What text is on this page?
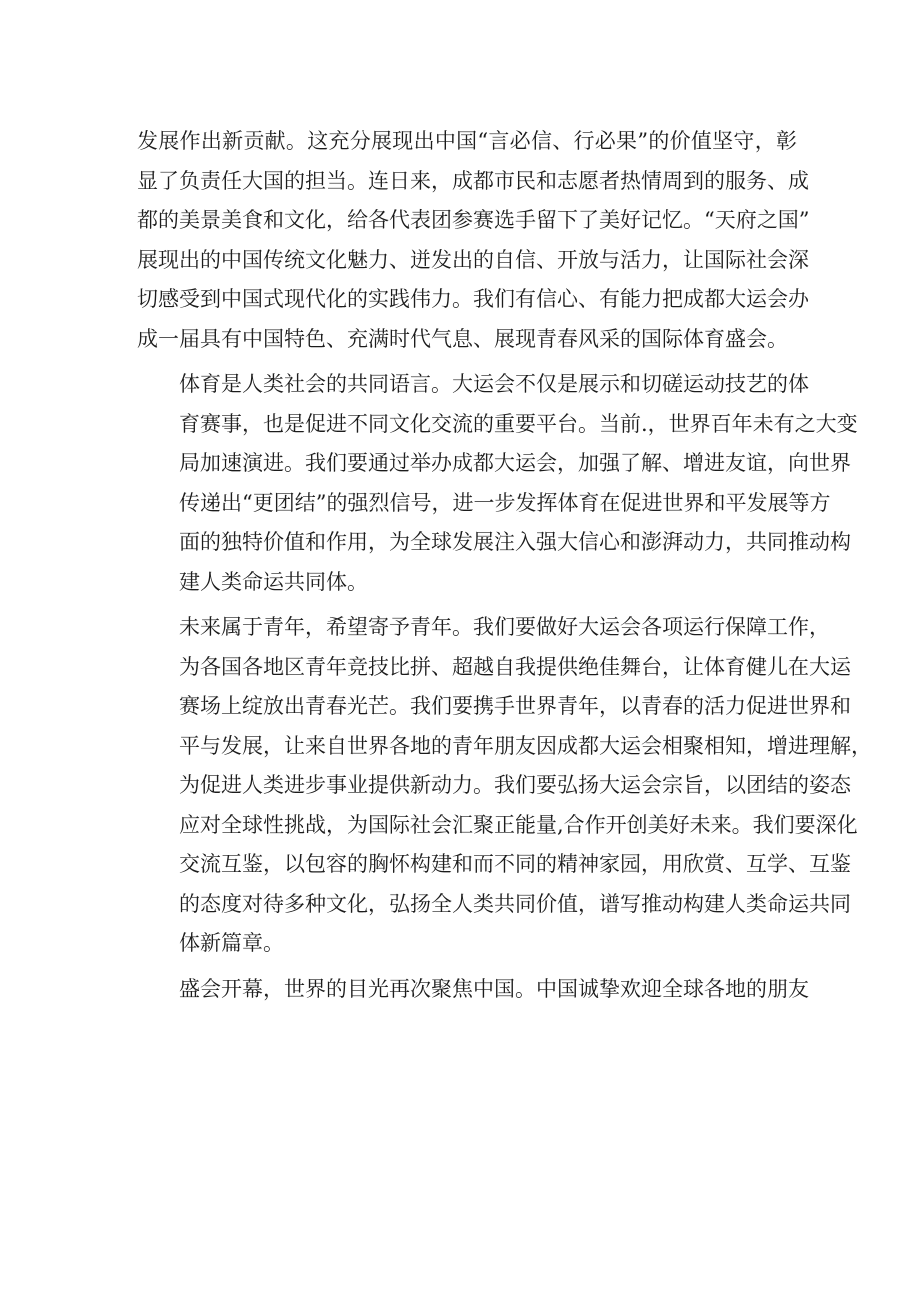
发展作出新贡献。这充分展现出中国“言必信、行必果”的价值坚守，彰
显了负责任大国的担当。连日来，成都市民和志愿者热情周到的服务、成
都的美景美食和文化，给各代表团参赛选手留下了美好记忆。“天府之国”
展现出的中国传统文化魅力、迸发出的自信、开放与活力，让国际社会深
切感受到中国式现代化的实践伟力。我们有信心、有能力把成都大运会办
成一届具有中国特色、充满时代气息、展现青春风采的国际体育盛会。

体育是人类社会的共同语言。大运会不仅是展示和切磋运动技艺的体
育赛事，也是促进不同文化交流的重要平台。当前.，世界百年未有之大变
局加速演进。我们要通过举办成都大运会，加强了解、增进友谊，向世界
传递出“更团结”的强烈信号，进一步发挥体育在促进世界和平发展等方
面的独特价值和作用，为全球发展注入强大信心和澎湃动力，共同推动构
建人类命运共同体。

未来属于青年，希望寄予青年。我们要做好大运会各项运行保障工作，
为各国各地区青年竞技比拼、超越自我提供绝佳舞台，让体育健儿在大运
赛场上绽放出青春光芒。我们要携手世界青年，以青春的活力促进世界和
平与发展，让来自世界各地的青年朋友因成都大运会相聚相知，增进理解，
为促进人类进步事业提供新动力。我们要弘扬大运会宗旨，以团结的姿态
应对全球性挑战，为国际社会汇聚正能量,合作开创美好未来。我们要深化
交流互鉴，以包容的胸怀构建和而不同的精神家园，用欣赏、互学、互鉴
的态度对待多种文化，弘扬全人类共同价值，谱写推动构建人类命运共同
体新篇章。

盛会开幕，世界的目光再次聚焦中国。中国诚挚欢迎全球各地的朋友
